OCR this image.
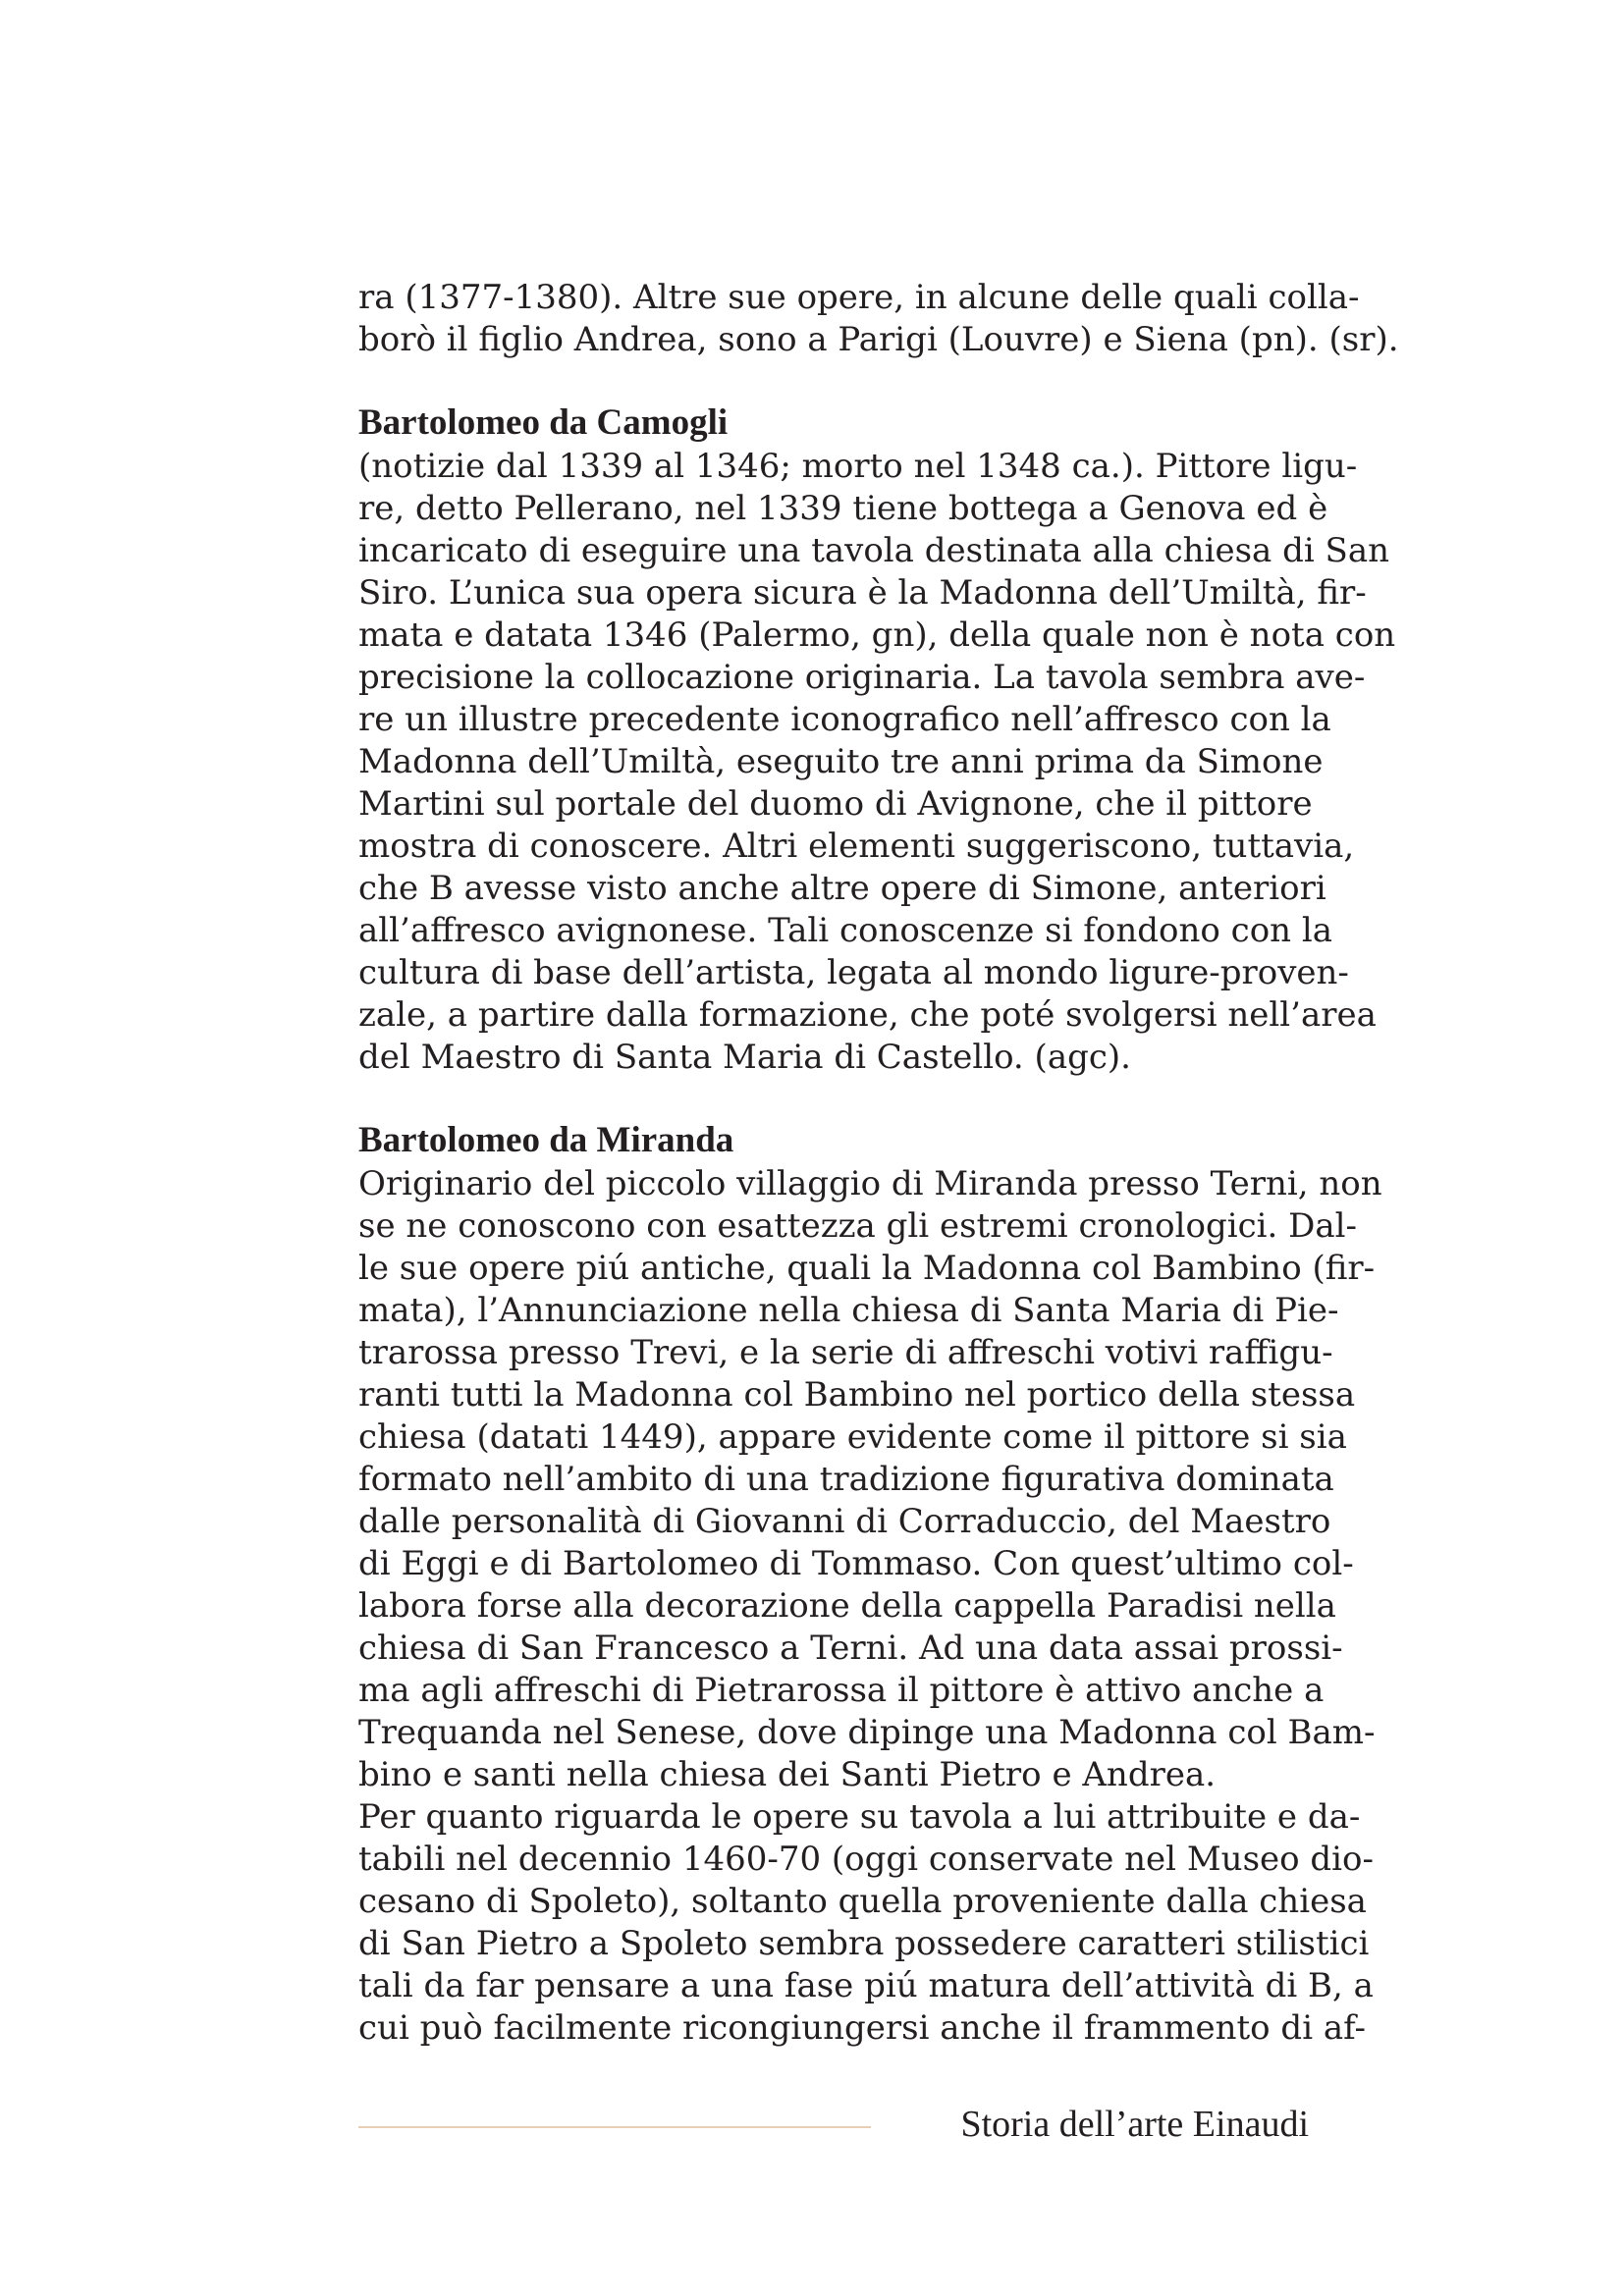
ra (1377-1380). Altre sue opere, in alcune delle quali colla-
borò il figlio Andrea, sono a Parigi (Louvre) e Siena (pn). (sr).
Bartolomeo da Camogli
(notizie dal 1339 al 1346; morto nel 1348 ca.). Pittore ligu-
re, detto Pellerano, nel 1339 tiene bottega a Genova ed è
incaricato di eseguire una tavola destinata alla chiesa di San
Siro. L’unica sua opera sicura è la Madonna dell’Umiltà, fir-
mata e datata 1346 (Palermo, gn), della quale non è nota con
precisione la collocazione originaria. La tavola sembra ave-
re un illustre precedente iconografico nell’affresco con la
Madonna dell’Umiltà, eseguito tre anni prima da Simone
Martini sul portale del duomo di Avignone, che il pittore
mostra di conoscere. Altri elementi suggeriscono, tuttavia,
che B avesse visto anche altre opere di Simone, anteriori
all’affresco avignonese. Tali conoscenze si fondono con la
cultura di base dell’artista, legata al mondo ligure-proven-
zale, a partire dalla formazione, che poté svolgersi nell’area
del Maestro di Santa Maria di Castello. (agc).
Bartolomeo da Miranda
Originario del piccolo villaggio di Miranda presso Terni, non
se ne conoscono con esattezza gli estremi cronologici. Dal-
le sue opere piú antiche, quali la Madonna col Bambino (fir-
mata), l’Annunciazione nella chiesa di Santa Maria di Pie-
trarossa presso Trevi, e la serie di affreschi votivi raffigu-
ranti tutti la Madonna col Bambino nel portico della stessa
chiesa (datati 1449), appare evidente come il pittore si sia
formato nell’ambito di una tradizione figurativa dominata
dalle personalità di Giovanni di Corraduccio, del Maestro
di Eggi e di Bartolomeo di Tommaso. Con quest’ultimo col-
labora forse alla decorazione della cappella Paradisi nella
chiesa di San Francesco a Terni. Ad una data assai prossi-
ma agli affreschi di Pietrarossa il pittore è attivo anche a
Trequanda nel Senese, dove dipinge una Madonna col Bam-
bino e santi nella chiesa dei Santi Pietro e Andrea.
Per quanto riguarda le opere su tavola a lui attribuite e da-
tabili nel decennio 1460-70 (oggi conservate nel Museo dio-
cesano di Spoleto), soltanto quella proveniente dalla chiesa
di San Pietro a Spoleto sembra possedere caratteri stilistici
tali da far pensare a una fase piú matura dell’attività di B, a
cui può facilmente ricongiungersi anche il frammento di af-
Storia dell’arte Einaudi
